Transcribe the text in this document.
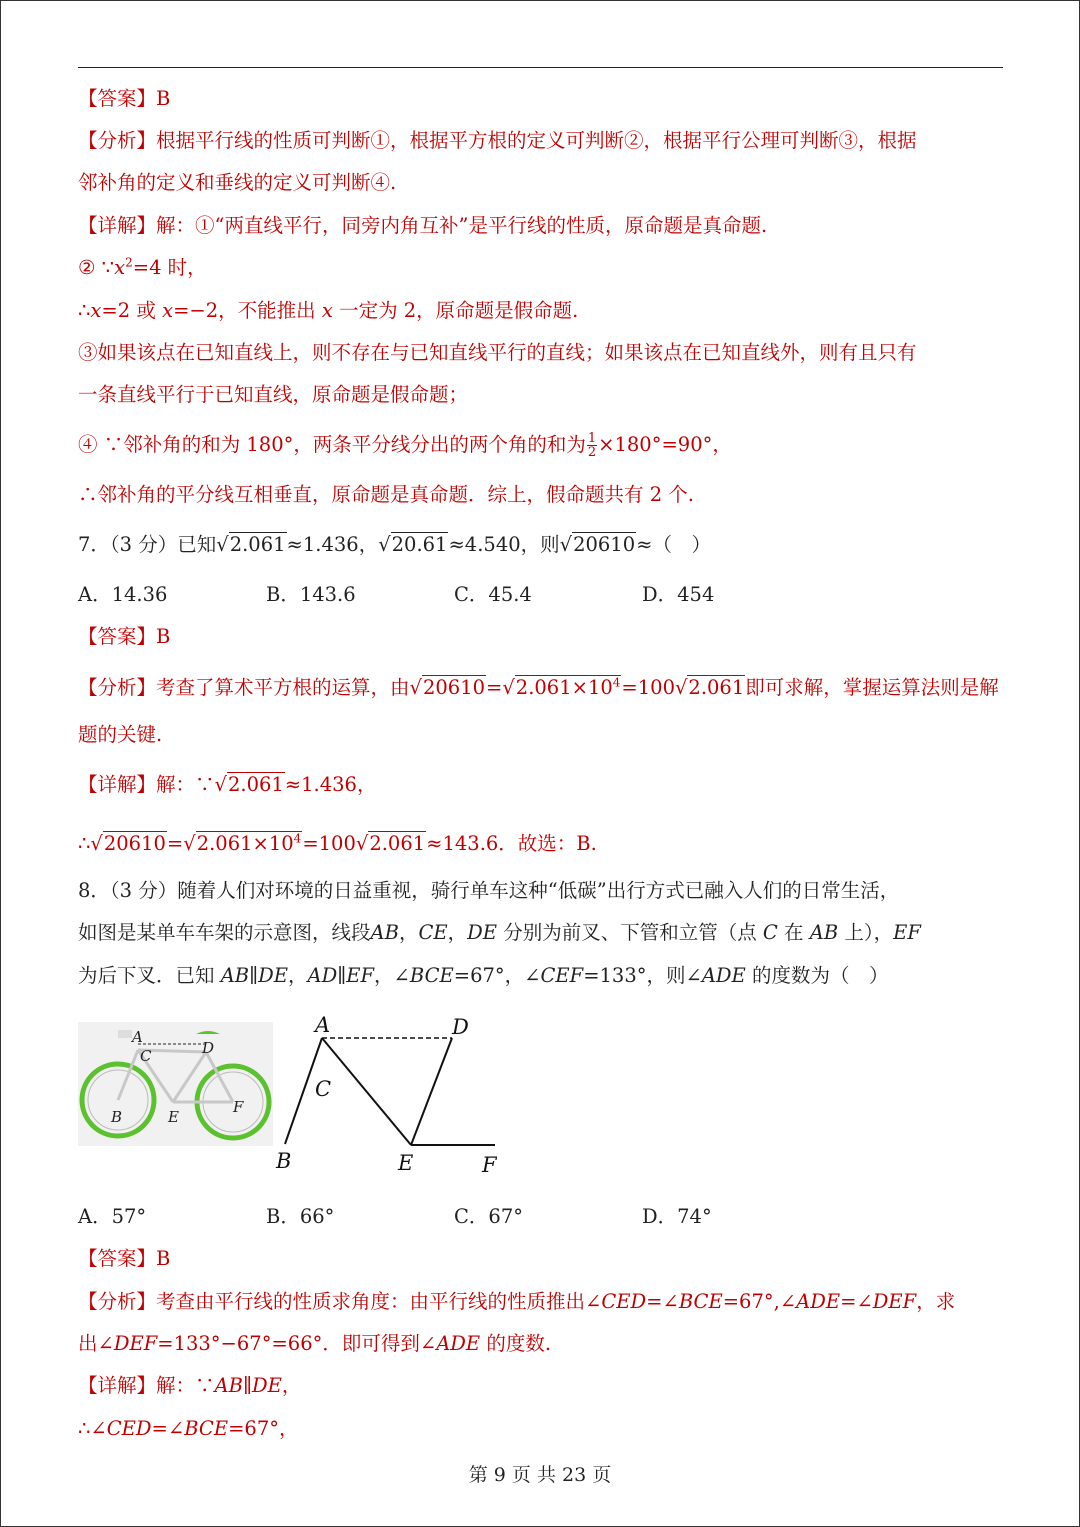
【答案】B
【分析】根据平行线的性质可判断①，根据平方根的定义可判断②，根据平行公理可判断③，根据
邻补角的定义和垂线的定义可判断④.
【详解】解：①“两直线平行，同旁内角互补”是平行线的性质，原命题是真命题.
② $\because x^2=4$ 时，
∴x=2 或 x=−2，不能推出 x 一定为 2，原命题是假命题.
③如果该点在已知直线上，则不存在与已知直线平行的直线；如果该点在已知直线外，则有且只有
一条直线平行于已知直线，原命题是假命题；
④ ∵邻补角的和为 180°，两条平分线分出的两个角的和为 $\frac{1}{2} \times 180^\circ=90^\circ$，
∴邻补角的平分线互相垂直，原命题是真命题．综上，假命题共有 2 个.
7．（3 分）已知√2.061≈1.436，√20.61≈4.540，则√20610≈（　）
A．14.36	B．143.6	C．45.4	D．454
【答案】B
【分析】考查了算术平方根的运算，由$√20610=√2.061\times 10^4=100√2.061$即可求解，掌握运算法则是解
题的关键.
【详解】解：∵√2.061≈1.436，
$\therefore√20610=√2.061\times 10^4=100√2.061\approx 143.6$．故选：B.
8．（3 分）随着人们对环境的日益重视，骑行单车这种“低碳”出行方式已融入人们的日常生活，
如图是某单车车架的示意图，线段AB，CE，DE 分别为前叉、下管和立管（点 C 在 AB 上），EF
为后下叉．已知 AB∥DE，AD∥EF，∠BCE=67°，∠CEF=133°，则∠ADE 的度数为（　）
A
C	D
B	E
F
A	D
C
B	E	F
A．57°	B．66°	C．67°	D．74°
【答案】B
【分析】考查由平行线的性质求角度：由平行线的性质推出∠CED=∠BCE=67°,∠ADE=∠DEF，求
出∠DEF=133°−67°=66°．即可得到∠ADE 的度数.
【详解】解：∵AB∥DE，
∴∠CED=∠BCE=67°，
第 9 页 共 23 页
